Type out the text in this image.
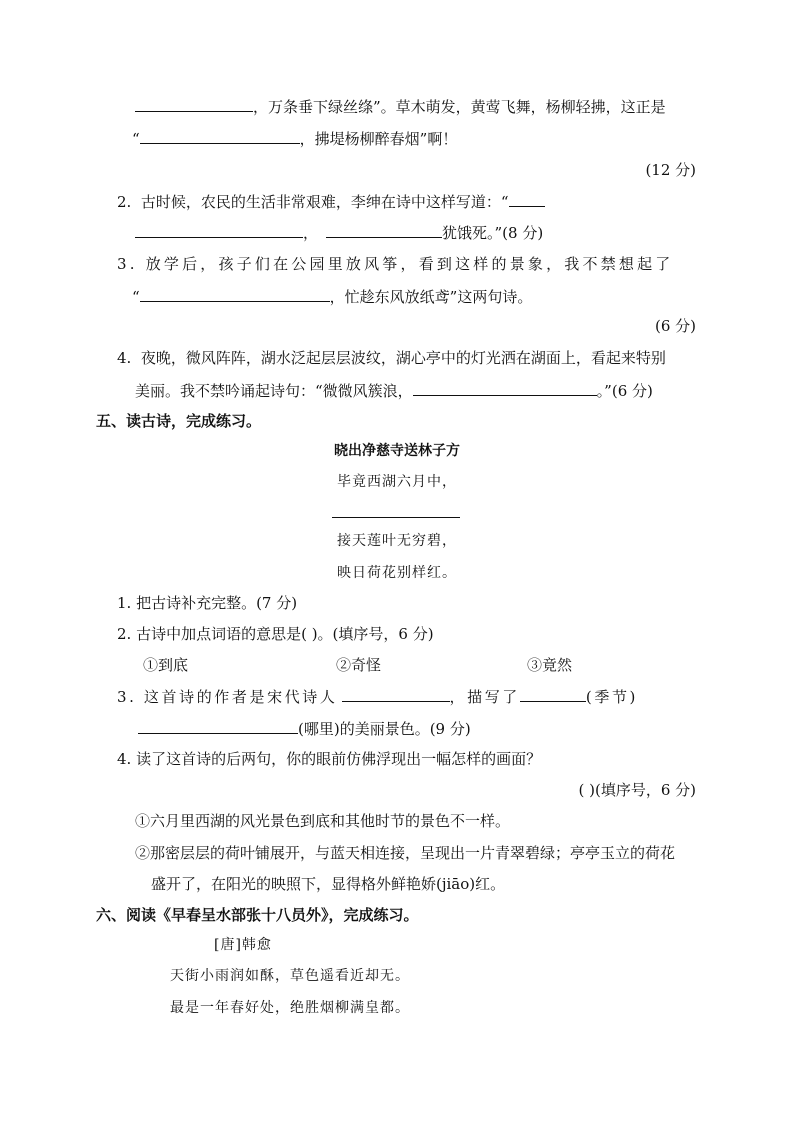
，万条垂下绿丝绦”。草木萌发，黄莺飞舞，杨柳轻拂，这正是
“	，拂堤杨柳醉春烟”啊！
(12 分)
2. 古时候，农民的生活非常艰难，李绅在诗中这样写道：“
，	犹饿死。”(8 分)
3. 放学后，孩子们在公园里放风筝，看到这样的景象，我不禁想起了
“	，忙趁东风放纸鸢”这两句诗。
(6 分)
4. 夜晚，微风阵阵，湖水泛起层层波纹，湖心亭中的灯光洒在湖面上，看起来特别
美丽。我不禁吟诵起诗句：“微微风簇浪，	。”(6 分)
五、读古诗，完成练习。
晓出净慈寺送林子方
毕竟西湖六月中，
接天莲叶无穷碧，
映日荷花别样红。
1. 把古诗补充完整。(7 分)
2. 古诗中加点词语的意思是( )。(填序号，6 分)
①到底	②奇怪	③竟然
3. 这首诗的作者是宋代诗人	，描写了	(季节)
(哪里)的美丽景色。(9 分)
4. 读了这首诗的后两句，你的眼前仿佛浮现出一幅怎样的画面？
( )(填序号，6 分)
①六月里西湖的风光景色到底和其他时节的景色不一样。
②那密层层的荷叶铺展开，与蓝天相连接，呈现出一片青翠碧绿；亭亭玉立的荷花
盛开了，在阳光的映照下，显得格外鲜艳娇(jiāo)红。
六、阅读《早春呈水部张十八员外》，完成练习。
[唐]韩愈
天街小雨润如酥，草色遥看近却无。
最是一年春好处，绝胜烟柳满皇都。
